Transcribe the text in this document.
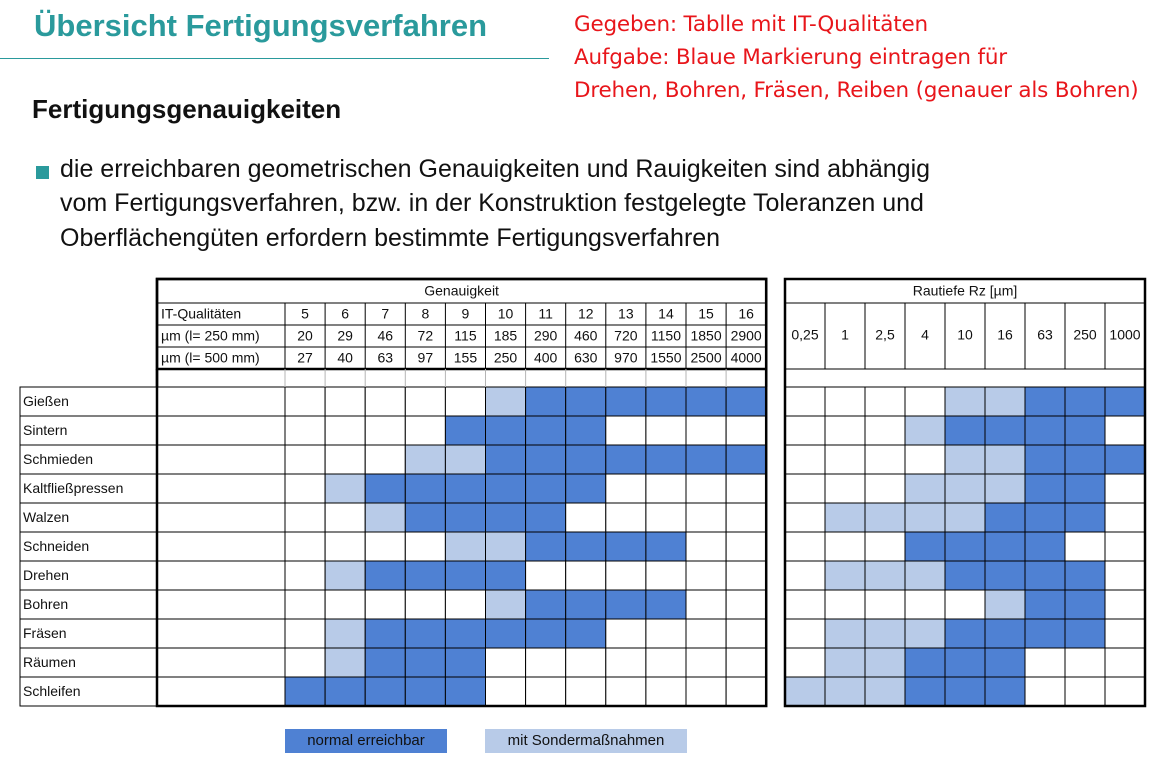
Übersicht Fertigungsverfahren	Gegeben: Tablle mit IT-Qualitäten
Aufgabe: Blaue Markierung eintragen für
Drehen, Bohren, Fräsen, Reiben (genauer als Bohren)
Fertigungsgenauigkeiten
die erreichbaren geometrischen Genauigkeiten und Rauigkeiten sind abhängig
vom Fertigungsverfahren, bzw. in der Konstruktion festgelegte Toleranzen und
Oberflächengüten erfordern bestimmte Fertigungsverfahren
Genauigkeit
IT-Qualitäten	5 6 7 8 9 10 11 12 13 14 15 16
µm (l= 250 mm)	20 29 46 72 115 185 290 460 720 1150 1850 2900
µm (l= 500 mm)	27 40 63 97 155 250 400 630 970 1550 2500 4000
Rautiefe Rz [µm]
0,25 1 2,5 4 10 16 63 250 1000
Gießen
Sintern
Schmieden
Kaltfließpressen
Walzen
Schneiden
Drehen
Bohren
Fräsen
Räumen
Schleifen
normal erreichbar	mit Sondermaßnahmen
